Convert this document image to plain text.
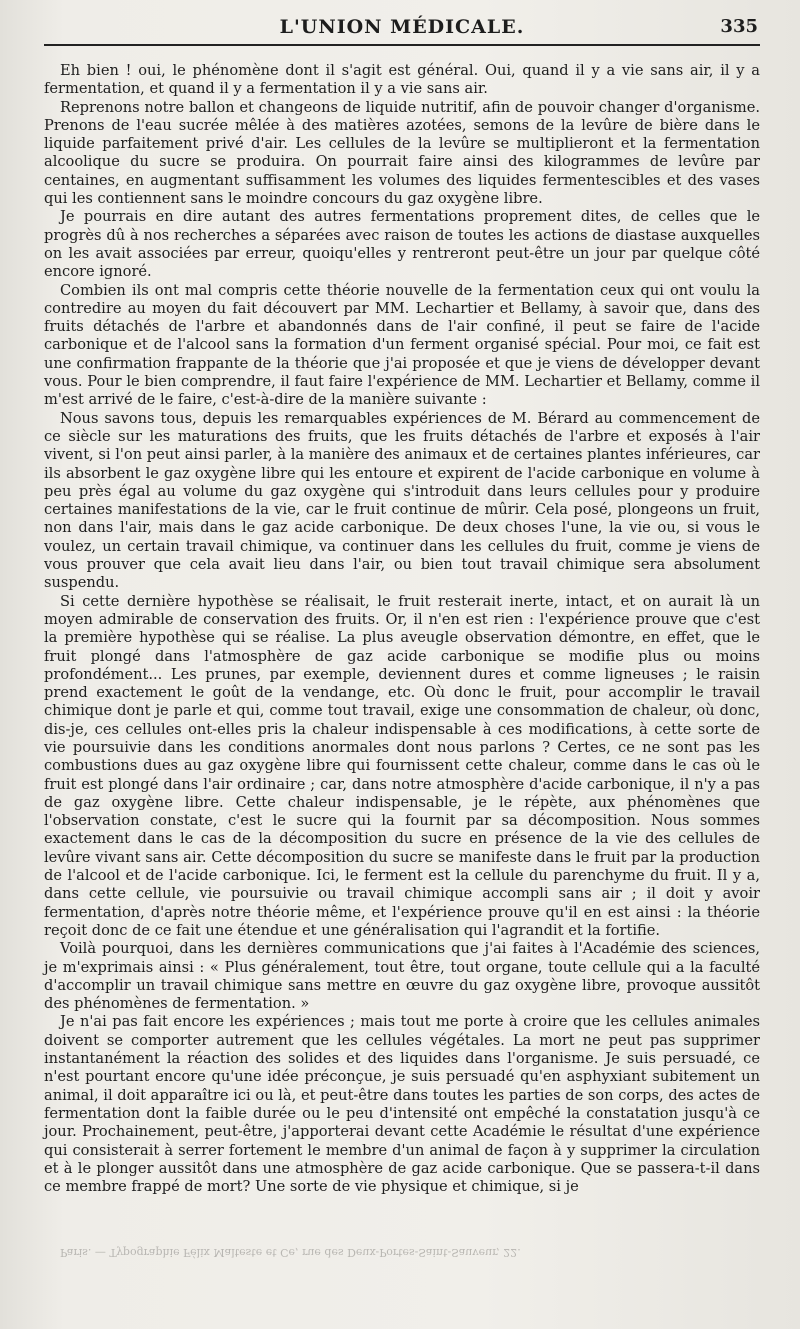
L'UNION MÉDICALE.	335

Eh bien ! oui, le phénomène dont il s'agit est général. Oui, quand il y a vie sans air, il y a fermentation, et quand il y a fermentation il y a vie sans air.

Reprenons notre ballon et changeons de liquide nutritif, afin de pouvoir changer d'organisme. Prenons de l'eau sucrée mêlée à des matières azotées, semons de la levûre de bière dans le liquide parfaitement privé d'air. Les cellules de la levûre se multiplieront et la fermentation alcoolique du sucre se produira. On pourrait faire ainsi des kilogrammes de levûre par centaines, en augmentant suffisamment les volumes des liquides fermentescibles et des vases qui les contiennent sans le moindre concours du gaz oxygène libre.

Je pourrais en dire autant des autres fermentations proprement dites, de celles que le progrès dû à nos recherches a séparées avec raison de toutes les actions de diastase auxquelles on les avait associées par erreur, quoiqu'elles y rentreront peut-être un jour par quelque côté encore ignoré.

Combien ils ont mal compris cette théorie nouvelle de la fermentation ceux qui ont voulu la contredire au moyen du fait découvert par MM. Lechartier et Bellamy, à savoir que, dans des fruits détachés de l'arbre et abandonnés dans de l'air confiné, il peut se faire de l'acide carbonique et de l'alcool sans la formation d'un ferment organisé spécial. Pour moi, ce fait est une confirmation frappante de la théorie que j'ai proposée et que je viens de développer devant vous. Pour le bien comprendre, il faut faire l'expérience de MM. Lechartier et Bellamy, comme il m'est arrivé de le faire, c'est-à-dire de la manière suivante :

Nous savons tous, depuis les remarquables expériences de M. Bérard au commencement de ce siècle sur les maturations des fruits, que les fruits détachés de l'arbre et exposés à l'air vivent, si l'on peut ainsi parler, à la manière des animaux et de certaines plantes inférieures, car ils absorbent le gaz oxygène libre qui les entoure et expirent de l'acide carbonique en volume à peu près égal au volume du gaz oxygène qui s'introduit dans leurs cellules pour y produire certaines manifestations de la vie, car le fruit continue de mûrir. Cela posé, plongeons un fruit, non dans l'air, mais dans le gaz acide carbonique. De deux choses l'une, la vie ou, si vous le voulez, un certain travail chimique, va continuer dans les cellules du fruit, comme je viens de vous prouver que cela avait lieu dans l'air, ou bien tout travail chimique sera absolument suspendu.

Si cette dernière hypothèse se réalisait, le fruit resterait inerte, intact, et on aurait là un moyen admirable de conservation des fruits. Or, il n'en est rien : l'expérience prouve que c'est la première hypothèse qui se réalise. La plus aveugle observation démontre, en effet, que le fruit plongé dans l'atmosphère de gaz acide carbonique se modifie plus ou moins profondément... Les prunes, par exemple, deviennent dures et comme ligneuses ; le raisin prend exactement le goût de la vendange, etc. Où donc le fruit, pour accomplir le travail chimique dont je parle et qui, comme tout travail, exige une consommation de chaleur, où donc, dis-je, ces cellules ont-elles pris la chaleur indispensable à ces modifications, à cette sorte de vie poursuivie dans les conditions anormales dont nous parlons ? Certes, ce ne sont pas les combustions dues au gaz oxygène libre qui fournissent cette chaleur, comme dans le cas où le fruit est plongé dans l'air ordinaire ; car, dans notre atmosphère d'acide carbonique, il n'y a pas de gaz oxygène libre. Cette chaleur indispensable, je le répète, aux phénomènes que l'observation constate, c'est le sucre qui la fournit par sa décomposition. Nous sommes exactement dans le cas de la décomposition du sucre en présence de la vie des cellules de levûre vivant sans air. Cette décomposition du sucre se manifeste dans le fruit par la production de l'alcool et de l'acide carbonique. Ici, le ferment est la cellule du parenchyme du fruit. Il y a, dans cette cellule, vie poursuivie ou travail chimique accompli sans air ; il doit y avoir fermentation, d'après notre théorie même, et l'expérience prouve qu'il en est ainsi : la théorie reçoit donc de ce fait une étendue et une généralisation qui l'agrandit et la fortifie.

Voilà pourquoi, dans les dernières communications que j'ai faites à l'Académie des sciences, je m'exprimais ainsi : « Plus généralement, tout être, tout organe, toute cellule qui a la faculté d'accomplir un travail chimique sans mettre en œuvre du gaz oxygène libre, provoque aussitôt des phénomènes de fermentation. »

Je n'ai pas fait encore les expériences ; mais tout me porte à croire que les cellules animales doivent se comporter autrement que les cellules végétales. La mort ne peut pas supprimer instantanément la réaction des solides et des liquides dans l'organisme. Je suis persuadé, ce n'est pourtant encore qu'une idée préconçue, je suis persuadé qu'en asphyxiant subitement un animal, il doit apparaître ici ou là, et peut-être dans toutes les parties de son corps, des actes de fermentation dont la faible durée ou le peu d'intensité ont empêché la constatation jusqu'à ce jour. Prochainement, peut-être, j'apporterai devant cette Académie le résultat d'une expérience qui consisterait à serrer fortement le membre d'un animal de façon à y supprimer la circulation et à le plonger aussitôt dans une atmosphère de gaz acide carbonique. Que se passera-t-il dans ce membre frappé de mort? Une sorte de vie physique et chimique, si je

Paris. — Typographie Félix Malteste et Ce, rue des Deux-Portes-Saint-Sauveur, 22.
